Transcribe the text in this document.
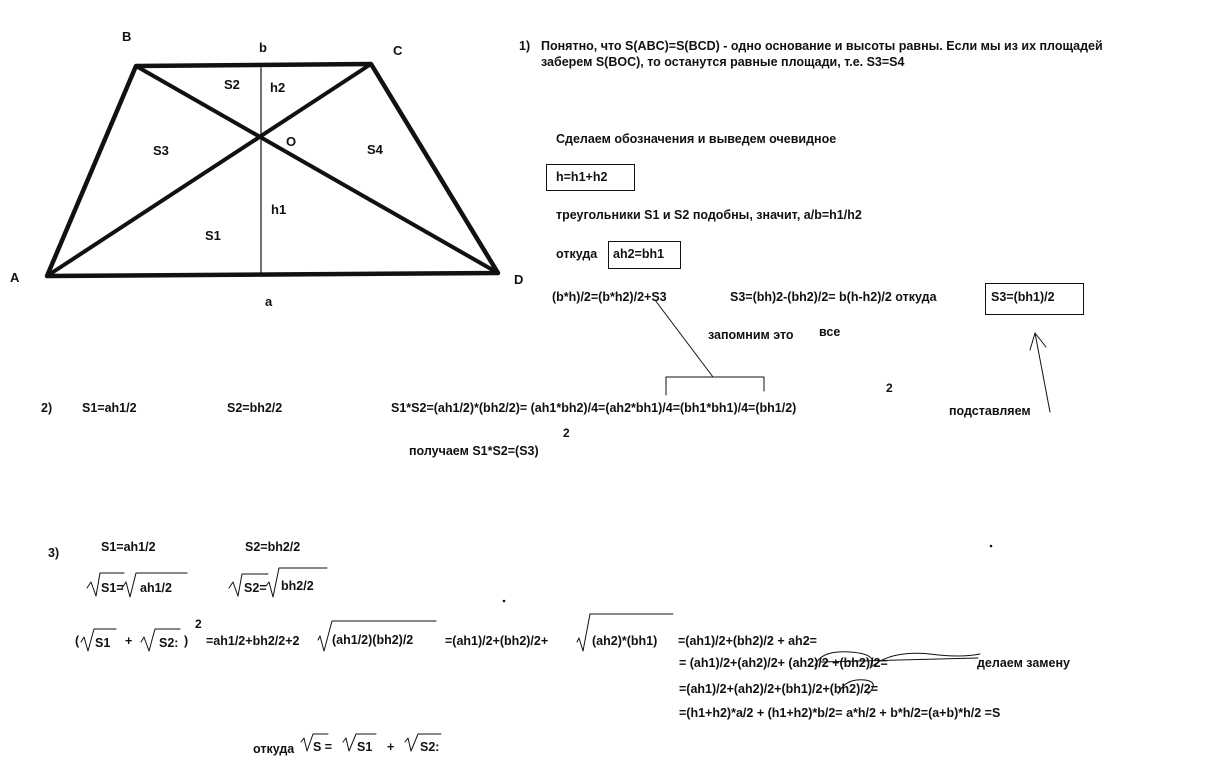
B
C
A	D
O
b
a
S2
S3	S4
S1
h2
h1
1) Понятно, что S(ABC)=S(BCD) - одно основание и высоты равны. Если мы из их площадей
заберем S(BOC), то останутся равные площади, т.е. S3=S4
Сделаем обозначения и выведем очевидное
h=h1+h2
треугольники S1 и S2 подобны, значит, a/b=h1/h2
откуда ah2=bh1
(b*h)/2=(b*h2)/2+S3	S3=(bh)2-(bh2)/2= b(h-h2)/2 откуда	S3=(bh1)/2
запомним это все
подставляем
2) S1=ah1/2	S2=bh2/2	S1*S2=(ah1/2)*(bh2/2)= (ah1*bh2)/4=(ah2*bh1)/4=(bh1*bh1)/4=(bh1/2)
2
получаем S1*S2=(S3)
2
3)	S1=ah1/2	S2=bh2/2
S1= ah1/2	S2= bh2/2
( S1 + S2: )
2
=ah1/2+bh2/2+2	(ah1/2)(bh2)/2	=(ah1)/2+(bh2)/2+	(ah2)*(bh1) =(ah1)/2+(bh2)/2 + ah2=
= (ah1)/2+(ah2)/2+ (ah2)/2 +(bh2)/2=	делаем замену
=(ah1)/2+(ah2)/2+(bh1)/2+(bh2)/2=
=(h1+h2)*a/2 + (h1+h2)*b/2= a*h/2 + b*h/2=(a+b)*h/2 =S
откуда S = S1 + S2:
